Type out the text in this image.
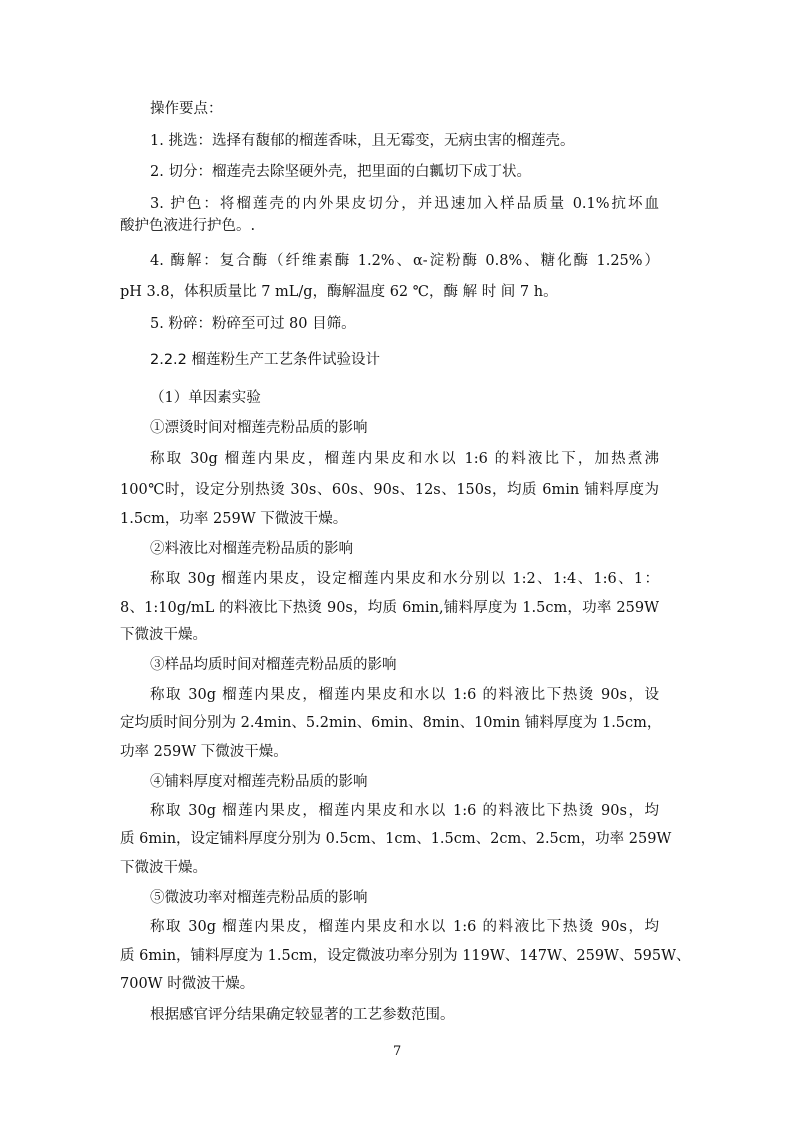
操作要点：
1. 挑选：选择有馥郁的榴莲香味，且无霉变，无病虫害的榴莲壳。
2. 切分：榴莲壳去除坚硬外壳，把里面的白瓤切下成丁状。
3. 护色：将榴莲壳的内外果皮切分，并迅速加入样品质量 0.1%抗坏血
酸护色液进行护色。.
4. 酶解：复合酶（纤维素酶 1.2%、α-淀粉酶 0.8%、糖化酶 1.25%）
pH 3.8，体积质量比 7 mL/g，酶解温度 62 ℃，酶 解 时 间 7 h。
5. 粉碎：粉碎至可过 80 目筛。
2.2.2 榴莲粉生产工艺条件试验设计
（1）单因素实验
①漂烫时间对榴莲壳粉品质的影响
称取 30g 榴莲内果皮，榴莲内果皮和水以 1:6 的料液比下，加热煮沸
100℃时，设定分别热烫 30s、60s、90s、12s、150s，均质 6min 铺料厚度为
1.5cm，功率 259W 下微波干燥。
②料液比对榴莲壳粉品质的影响
称取 30g 榴莲内果皮，设定榴莲内果皮和水分别以 1:2、1:4、1:6、1：
8、1:10g/mL 的料液比下热烫 90s，均质 6min,铺料厚度为 1.5cm，功率 259W
下微波干燥。
③样品均质时间对榴莲壳粉品质的影响
称取 30g 榴莲内果皮，榴莲内果皮和水以 1:6 的料液比下热烫 90s，设
定均质时间分别为 2.4min、5.2min、6min、8min、10min 铺料厚度为 1.5cm，
功率 259W 下微波干燥。
④铺料厚度对榴莲壳粉品质的影响
称取 30g 榴莲内果皮，榴莲内果皮和水以 1:6 的料液比下热烫 90s，均
质 6min，设定铺料厚度分别为 0.5cm、1cm、1.5cm、2cm、2.5cm，功率 259W
下微波干燥。
⑤微波功率对榴莲壳粉品质的影响
称取 30g 榴莲内果皮，榴莲内果皮和水以 1:6 的料液比下热烫 90s，均
质 6min，铺料厚度为 1.5cm，设定微波功率分别为 119W、147W、259W、595W、
700W 时微波干燥。
根据感官评分结果确定较显著的工艺参数范围。
7
